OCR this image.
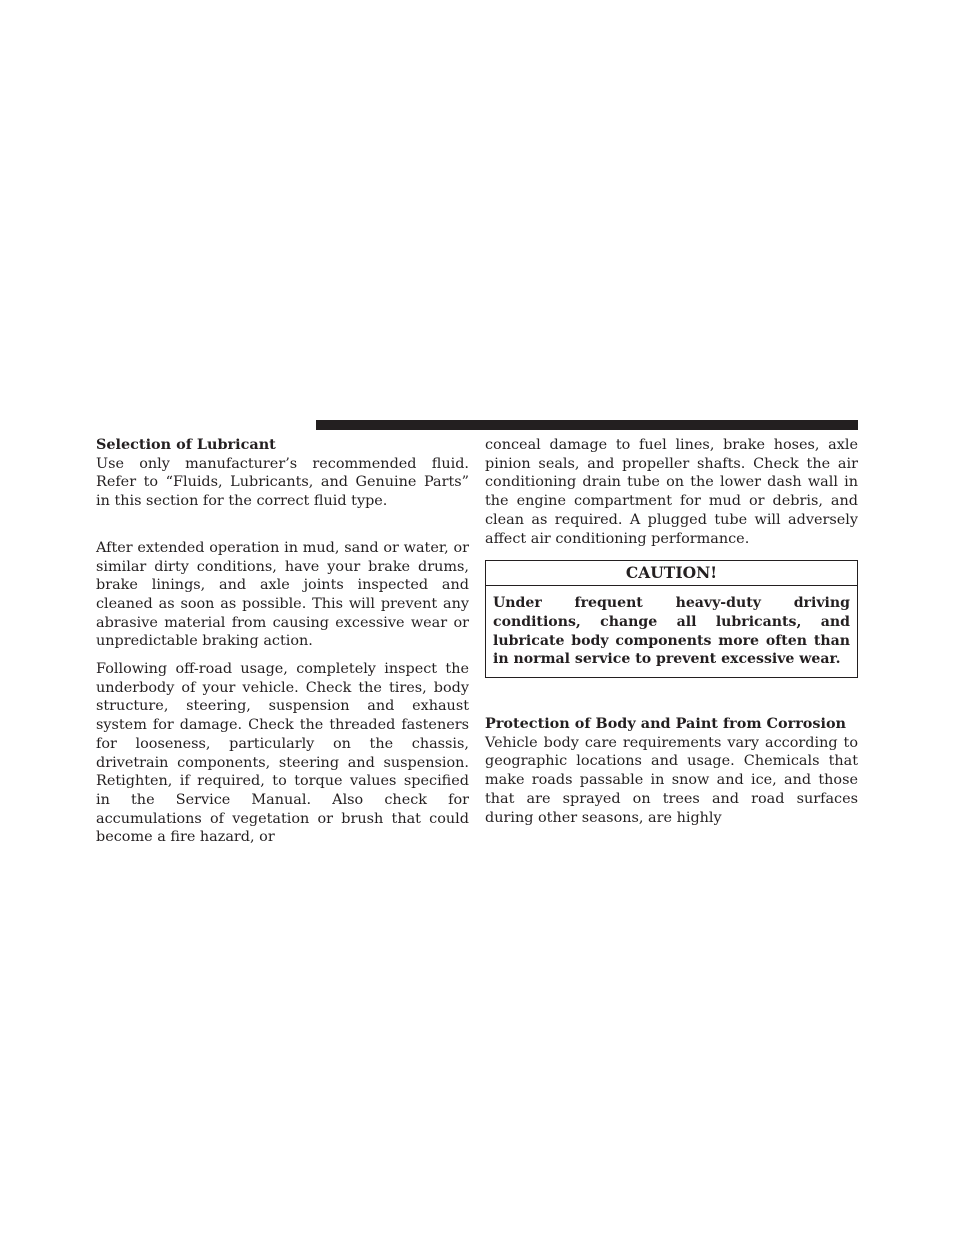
Selection of Lubricant

Use only manufacturer’s recommended fluid. Refer to “Fluids, Lubricants, and Genuine Parts” in this section for the correct fluid type.

After extended operation in mud, sand or water, or similar dirty conditions, have your brake drums, brake linings, and axle joints inspected and cleaned as soon as possible. This will prevent any abrasive material from causing excessive wear or unpredictable braking action.

Following off-road usage, completely inspect the underbody of your vehicle. Check the tires, body structure, steering, suspension and exhaust system for damage. Check the threaded fasteners for looseness, particularly on the chassis, drivetrain components, steering and suspension. Retighten, if required, to torque values specified in the Service Manual. Also check for accumulations of vegetation or brush that could become a fire hazard, or

conceal damage to fuel lines, brake hoses, axle pinion seals, and propeller shafts. Check the air conditioning drain tube on the lower dash wall in the engine compartment for mud or debris, and clean as required. A plugged tube will adversely affect air conditioning performance.

CAUTION!
Under frequent heavy-duty driving conditions, change all lubricants, and lubricate body components more often than in normal service to prevent excessive wear.
Protection of Body and Paint from Corrosion

Vehicle body care requirements vary according to geographic locations and usage. Chemicals that make roads passable in snow and ice, and those that are sprayed on trees and road surfaces during other seasons, are highly
